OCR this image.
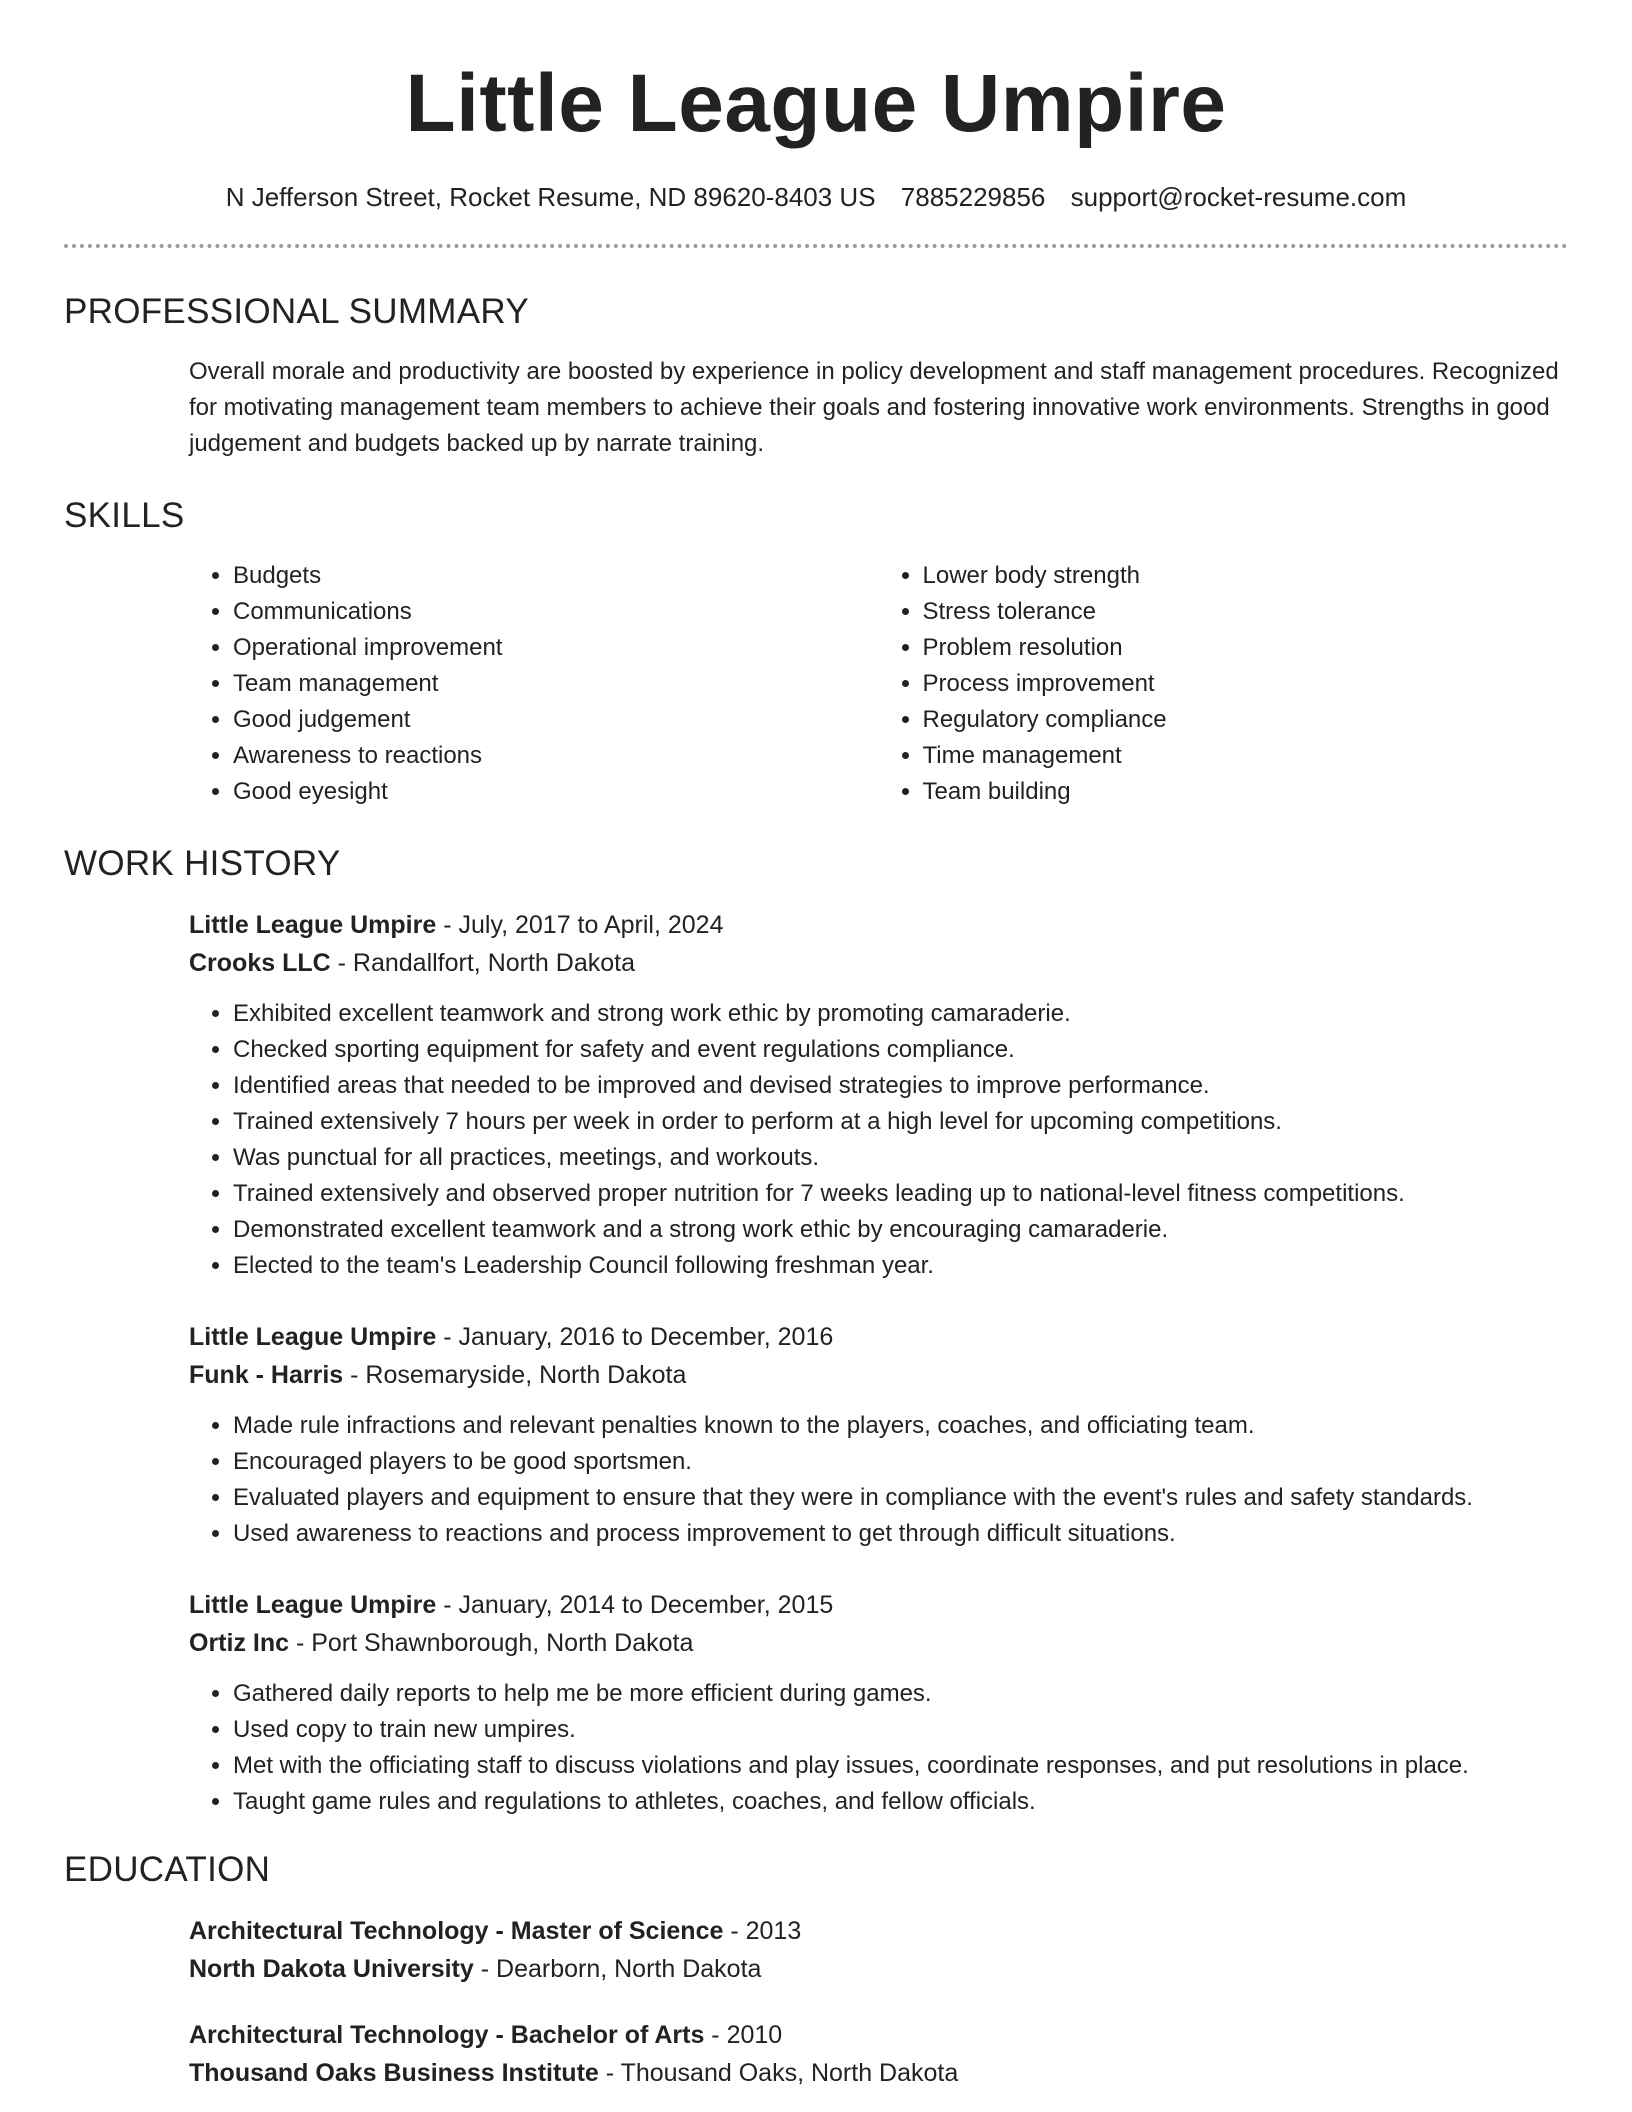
Little League Umpire
N Jefferson Street, Rocket Resume, ND 89620-8403 US 7885229856 support@rocket-resume.com
PROFESSIONAL SUMMARY
Overall morale and productivity are boosted by experience in policy development and staff management procedures. Recognized for motivating management team members to achieve their goals and fostering innovative work environments. Strengths in good judgement and budgets backed up by narrate training.
SKILLS
• Budgets
• Communications
• Operational improvement
• Team management
• Good judgement
• Awareness to reactions
• Good eyesight
• Lower body strength
• Stress tolerance
• Problem resolution
• Process improvement
• Regulatory compliance
• Time management
• Team building
WORK HISTORY
Little League Umpire - July, 2017 to April, 2024
Crooks LLC - Randallfort, North Dakota
• Exhibited excellent teamwork and strong work ethic by promoting camaraderie.
• Checked sporting equipment for safety and event regulations compliance.
• Identified areas that needed to be improved and devised strategies to improve performance.
• Trained extensively 7 hours per week in order to perform at a high level for upcoming competitions.
• Was punctual for all practices, meetings, and workouts.
• Trained extensively and observed proper nutrition for 7 weeks leading up to national-level fitness competitions.
• Demonstrated excellent teamwork and a strong work ethic by encouraging camaraderie.
• Elected to the team's Leadership Council following freshman year.
Little League Umpire - January, 2016 to December, 2016
Funk - Harris - Rosemaryside, North Dakota
• Made rule infractions and relevant penalties known to the players, coaches, and officiating team.
• Encouraged players to be good sportsmen.
• Evaluated players and equipment to ensure that they were in compliance with the event's rules and safety standards.
• Used awareness to reactions and process improvement to get through difficult situations.
Little League Umpire - January, 2014 to December, 2015
Ortiz Inc - Port Shawnborough, North Dakota
• Gathered daily reports to help me be more efficient during games.
• Used copy to train new umpires.
• Met with the officiating staff to discuss violations and play issues, coordinate responses, and put resolutions in place.
• Taught game rules and regulations to athletes, coaches, and fellow officials.
EDUCATION
Architectural Technology - Master of Science - 2013
North Dakota University - Dearborn, North Dakota
Architectural Technology - Bachelor of Arts - 2010
Thousand Oaks Business Institute - Thousand Oaks, North Dakota
